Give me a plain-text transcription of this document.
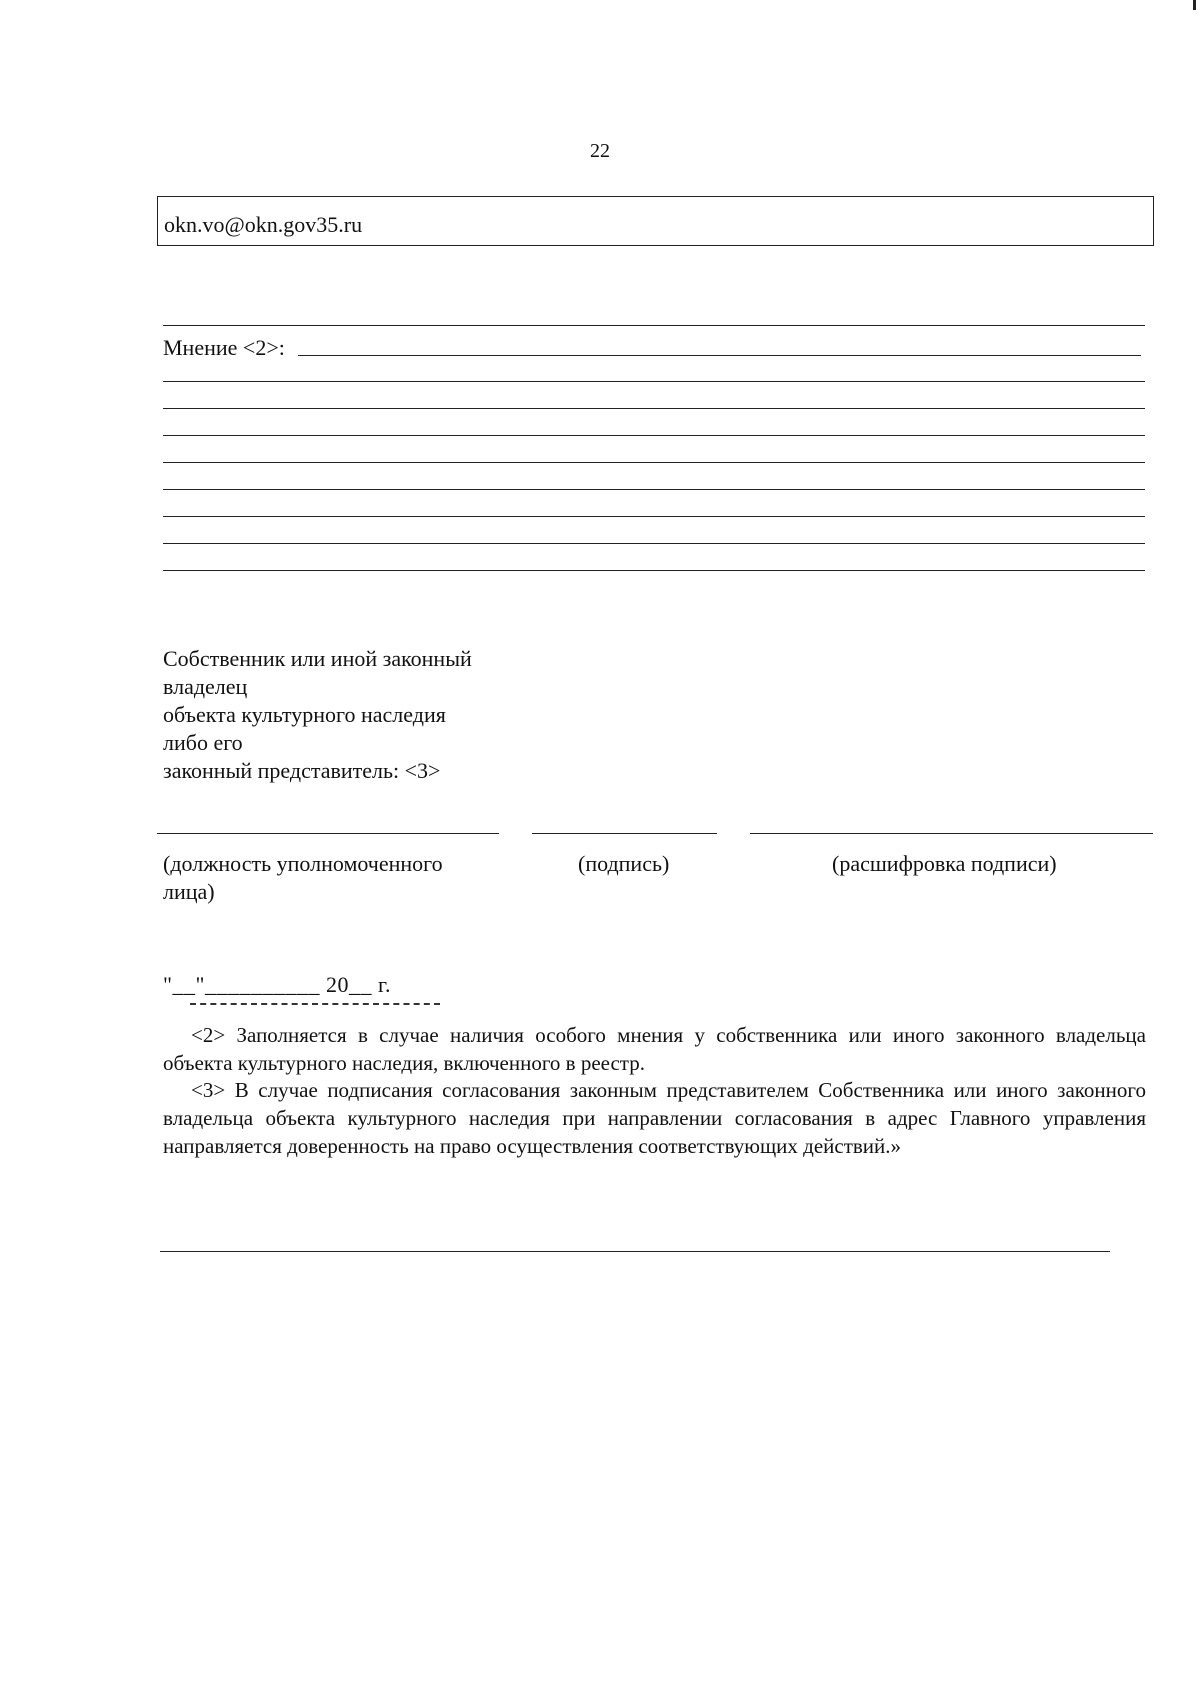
22
okn.vo@okn.gov35.ru
Мнение <2>:
Собственник или иной законный
владелец
объекта культурного наследия
либо его
законный представитель: <3>
(должность уполномоченного
лица)
(подпись)	(расшифровка подписи)
"__"__________ 20__ г.
<2> Заполняется в случае наличия особого мнения у собственника или иного законного владельца объекта культурного наследия, включенного в реестр.
<3> В случае подписания согласования законным представителем Собственника или иного законного владельца объекта культурного наследия при направлении согласования в адрес Главного управления направляется доверенность на право осуществления соответствующих действий.»
